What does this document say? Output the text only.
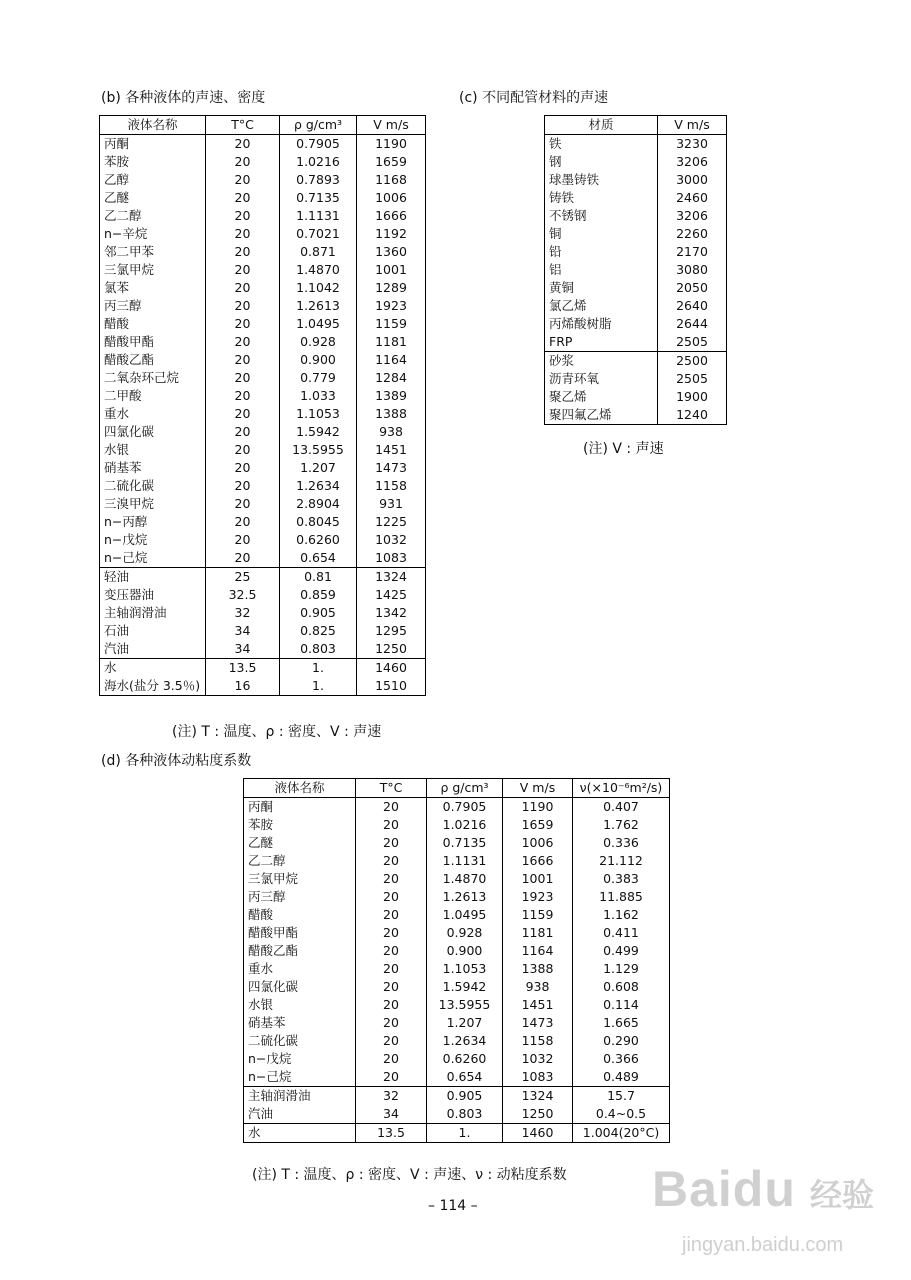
(b) 各种液体的声速、密度
液体名称	T°C	ρ g/cm³	V m/s
丙酮	20	0.7905	1190
苯胺	20	1.0216	1659
乙醇	20	0.7893	1168
乙醚	20	0.7135	1006
乙二醇	20	1.1131	1666
n−辛烷	20	0.7021	1192
邻二甲苯	20	0.871	1360
三氯甲烷	20	1.4870	1001
氯苯	20	1.1042	1289
丙三醇	20	1.2613	1923
醋酸	20	1.0495	1159
醋酸甲酯	20	0.928	1181
醋酸乙酯	20	0.900	1164
二氧杂环己烷	20	0.779	1284
二甲酸	20	1.033	1389
重水	20	1.1053	1388
四氯化碳	20	1.5942	938
水银	20	13.5955	1451
硝基苯	20	1.207	1473
二硫化碳	20	1.2634	1158
三溴甲烷	20	2.8904	931
n−丙醇	20	0.8045	1225
n−戊烷	20	0.6260	1032
n−己烷	20	0.654	1083
轻油	25	0.81	1324
变压器油	32.5	0.859	1425
主轴润滑油	32	0.905	1342
石油	34	0.825	1295
汽油	34	0.803	1250
水	13.5	1.	1460
海水(盐分 3.5％)	16	1.	1510
(注) T : 温度、ρ : 密度、V : 声速
(c) 不同配管材料的声速
材质	V m/s
铁	3230
钢	3206
球墨铸铁	3000
铸铁	2460
不锈钢	3206
铜	2260
铅	2170
铝	3080
黄铜	2050
氯乙烯	2640
丙烯酸树脂	2644
FRP	2505
砂浆	2500
沥青环氧	2505
聚乙烯	1900
聚四氟乙烯	1240
(注) V : 声速
(d) 各种液体动粘度系数
液体名称	T°C	ρ g/cm³	V m/s	ν(×10⁻⁶m²/s)
丙酮	20	0.7905	1190	0.407
苯胺	20	1.0216	1659	1.762
乙醚	20	0.7135	1006	0.336
乙二醇	20	1.1131	1666	21.112
三氯甲烷	20	1.4870	1001	0.383
丙三醇	20	1.2613	1923	11.885
醋酸	20	1.0495	1159	1.162
醋酸甲酯	20	0.928	1181	0.411
醋酸乙酯	20	0.900	1164	0.499
重水	20	1.1053	1388	1.129
四氯化碳	20	1.5942	938	0.608
水银	20	13.5955	1451	0.114
硝基苯	20	1.207	1473	1.665
二硫化碳	20	1.2634	1158	0.290
n−戊烷	20	0.6260	1032	0.366
n−己烷	20	0.654	1083	0.489
主轴润滑油	32	0.905	1324	15.7
汽油	34	0.803	1250	0.4~0.5
水	13.5	1.	1460	1.004(20°C)
(注) T : 温度、ρ : 密度、V : 声速、ν : 动粘度系数
– 114 –	Baidu 经验
jingyan.baidu.com
